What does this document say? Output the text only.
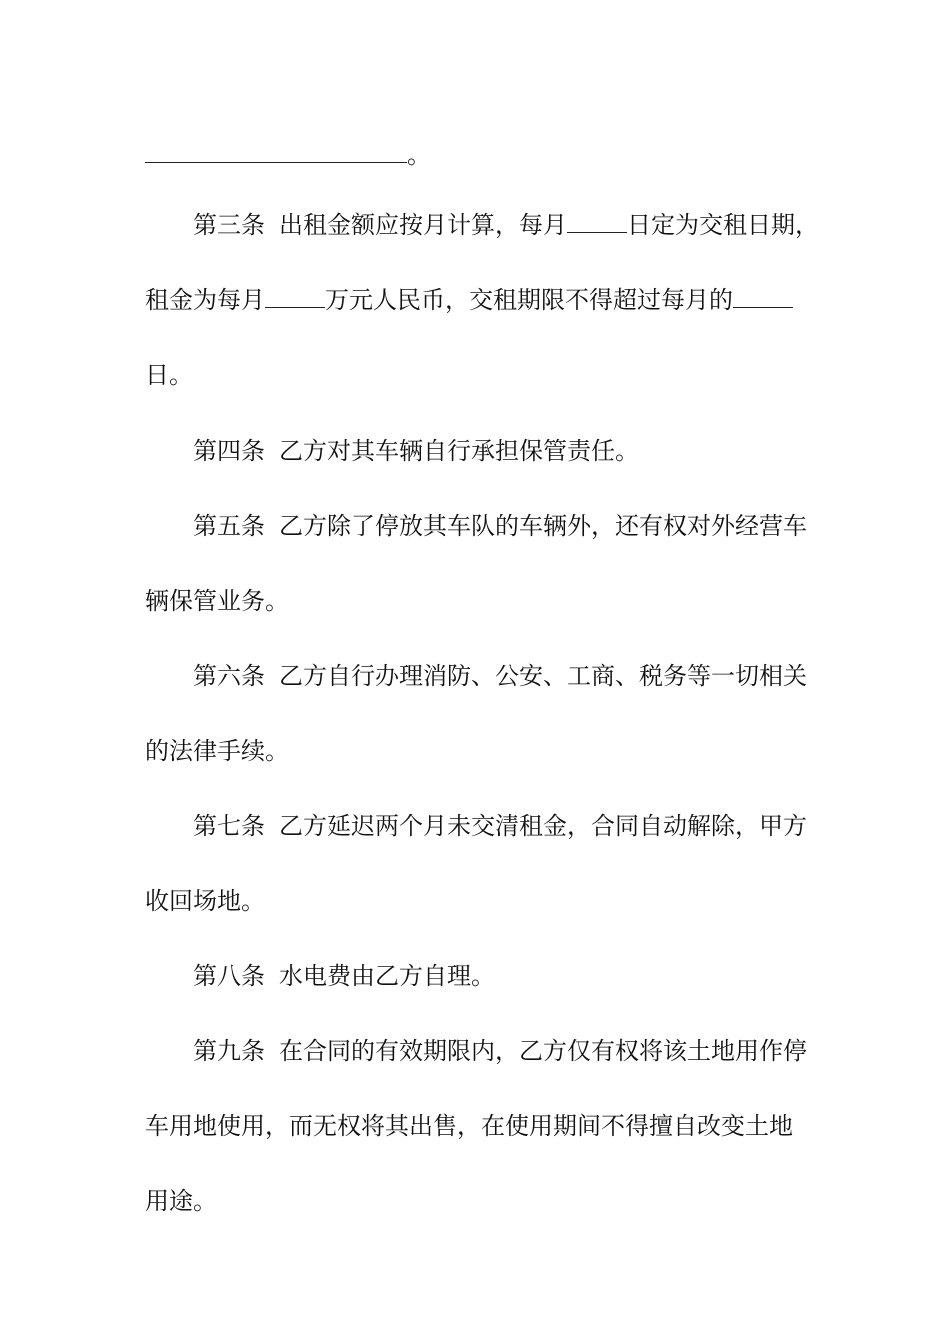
。
第三条 出租金额应按月计算，每月	日定为交租日期，
租金为每月	万元人民币，交租期限不得超过每月的
日。
第四条 乙方对其车辆自行承担保管责任。
第五条 乙方除了停放其车队的车辆外，还有权对外经营车
辆保管业务。
第六条 乙方自行办理消防、公安、工商、税务等一切相关
的法律手续。
第七条 乙方延迟两个月未交清租金，合同自动解除，甲方
收回场地。
第八条 水电费由乙方自理。
第九条 在合同的有效期限内，乙方仅有权将该土地用作停
车用地使用，而无权将其出售，在使用期间不得擅自改变土地
用途。
